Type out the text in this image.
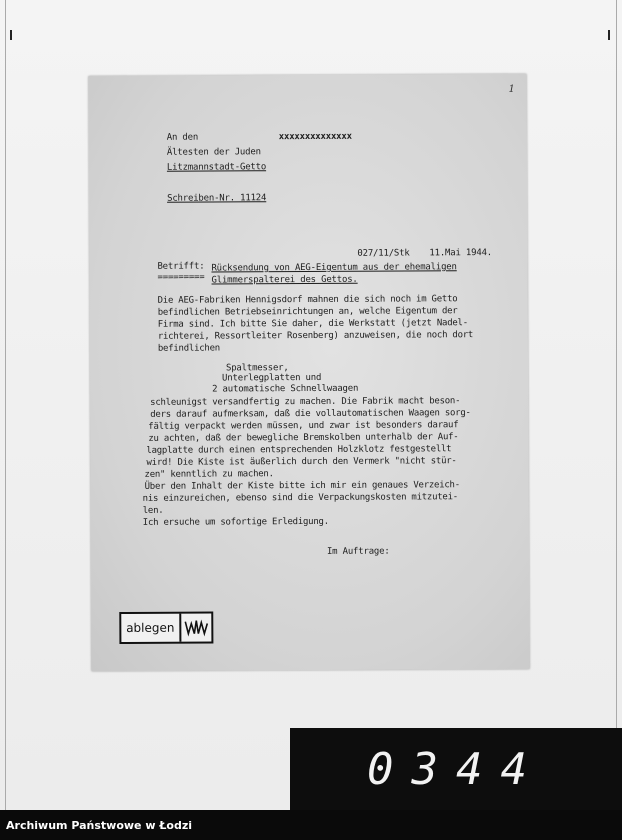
1
An den	xxxxxxxxxxxxxx
Ältesten der Juden
Litzmannstadt-Getto
Schreiben-Nr. 11124
027/11/Stk 11.Mai 1944.
Betrifft: Rücksendung von AEG-Eigentum aus der ehemaligen
========= Glimmerspalterei des Gettos.
Die AEG-Fabriken Hennigsdorf mahnen die sich noch im Getto
befindlichen Betriebseinrichtungen an, welche Eigentum der
Firma sind. Ich bitte Sie daher, die Werkstatt (jetzt Nadel-
richterei, Ressortleiter Rosenberg) anzuweisen, die noch dort
befindlichen
Spaltmesser,
Unterlegplatten und
2 automatische Schnellwaagen
schleunigst versandfertig zu machen. Die Fabrik macht beson-
ders darauf aufmerksam, daß die vollautomatischen Waagen sorg-
fältig verpackt werden müssen, und zwar ist besonders darauf
zu achten, daß der bewegliche Bremskolben unterhalb der Auf-
lagplatte durch einen entsprechenden Holzklotz festgestellt
wird! Die Kiste ist äußerlich durch den Vermerk "nicht stür-
zen" kenntlich zu machen.
Über den Inhalt der Kiste bitte ich mir ein genaues Verzeich-
nis einzureichen, ebenso sind die Verpackungskosten mitzutei-
len.
Ich ersuche um sofortige Erledigung.
Im Auftrage:
ablegen
0344
Archiwum Państwowe w Łodzi
